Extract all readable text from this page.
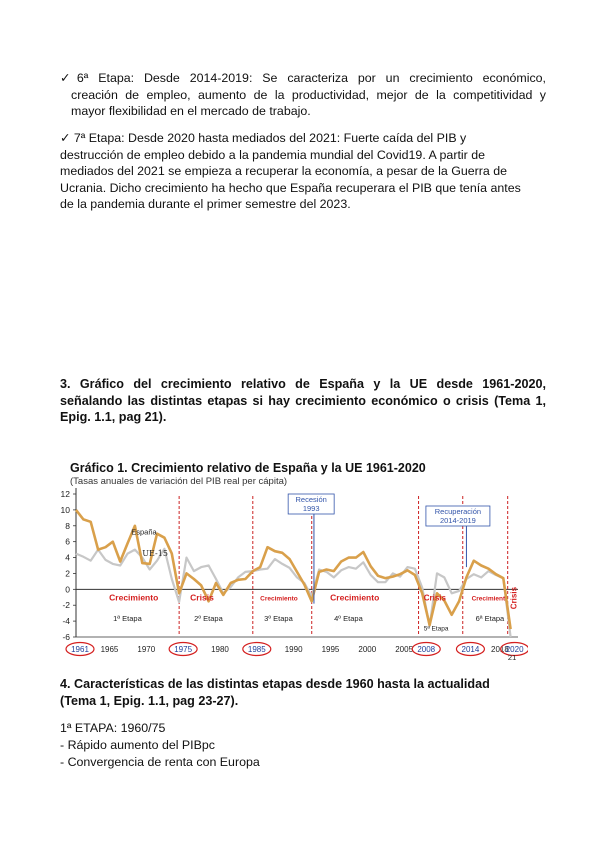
✓6ª Etapa: Desde 2014-2019: Se caracteriza por un crecimiento económico,
creación de empleo, aumento de la productividad, mejor de la competitividad y
mayor flexibilidad en el mercado de trabajo.

✓ 7ª Etapa: Desde 2020 hasta mediados del 2021: Fuerte caída del PIB y destrucción de empleo debido a la pandemia mundial del Covid19. A partir de mediados del 2021 se empieza a recuperar la economía, a pesar de la Guerra de Ucrania. Dicho crecimiento ha hecho que España recuperara el PIB que tenía antes de la pandemia durante el primer semestre del 2023.

3. Gráfico del crecimiento relativo de España y la UE desde 1961-2020, señalando las distintas etapas si hay crecimiento económico o crisis (Tema 1, Epig. 1.1, pag 21).
Gráfico 1. Crecimiento relativo de España y la UE 1961-2020
(Tasas anuales de variación del PIB real per cápita)
12
10
8
6
4
2
0
-2
-4
-6
España
UE-15
Recesión
1993	Recuperación
2014-2019
Crecimiento
1ª Etapa
Crisis
2º Etapa
Crecimiento
3º Etapa
Crecimiento
4º Etapa
Crisis
5ª Etapa
Crecimient
6ª Etapa
Crisis
1961 1965 1970 1975 1980 1985 1990 1995 2000 2005 2008	2014 2018
2020
21
4. Características de las distintas etapas desde 1960 hasta la actualidad (Tema 1, Epig. 1.1, pag 23-27).
1ª ETAPA: 1960/75
- Rápido aumento del PIBpc
- Convergencia de renta con Europa
